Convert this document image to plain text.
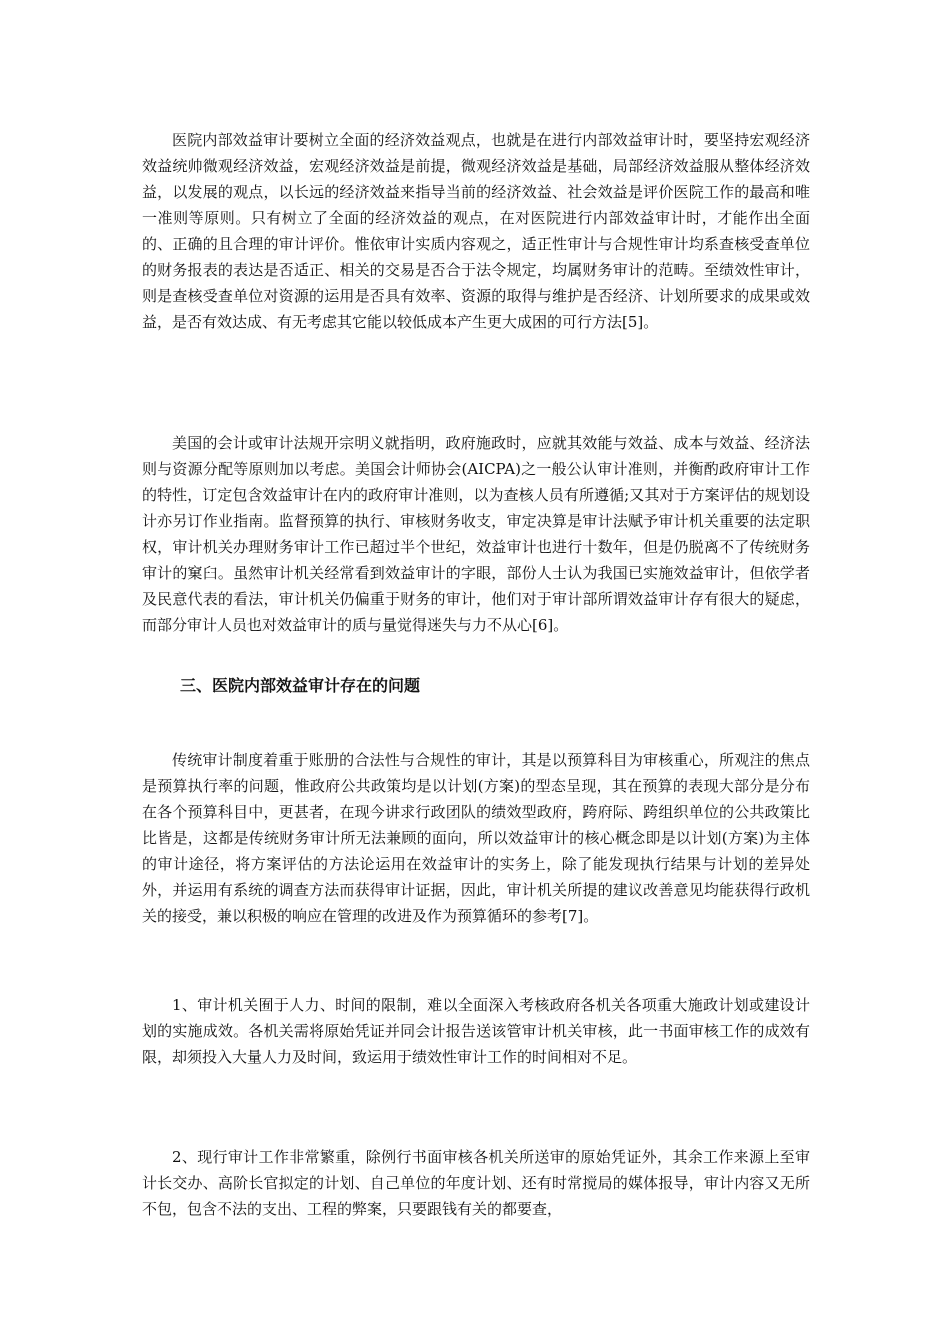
医院内部效益审计要树立全面的经济效益观点，也就是在进行内部效益审计时，要坚持宏观经济效益统帅微观经济效益，宏观经济效益是前提，微观经济效益是基础，局部经济效益服从整体经济效益，以发展的观点，以长远的经济效益来指导当前的经济效益、社会效益是评价医院工作的最高和唯一准则等原则。只有树立了全面的经济效益的观点，在对医院进行内部效益审计时，才能作出全面的、正确的且合理的审计评价。惟依审计实质内容观之，适正性审计与合规性审计均系查核受查单位的财务报表的表达是否适正、相关的交易是否合于法令规定，均属财务审计的范畴。至绩效性审计，则是查核受查单位对资源的运用是否具有效率、资源的取得与维护是否经济、计划所要求的成果或效益，是否有效达成、有无考虑其它能以较低成本产生更大成困的可行方法[5]。

美国的会计或审计法规开宗明义就指明，政府施政时，应就其效能与效益、成本与效益、经济法则与资源分配等原则加以考虑。美国会计师协会(AICPA)之一般公认审计准则，并衡酌政府审计工作的特性，订定包含效益审计在内的政府审计准则，以为查核人员有所遵循;又其对于方案评估的规划设计亦另订作业指南。监督预算的执行、审核财务收支，审定决算是审计法赋予审计机关重要的法定职权，审计机关办理财务审计工作已超过半个世纪，效益审计也进行十数年，但是仍脱离不了传统财务审计的窠臼。虽然审计机关经常看到效益审计的字眼，部份人士认为我国已实施效益审计，但依学者及民意代表的看法，审计机关仍偏重于财务的审计，他们对于审计部所谓效益审计存有很大的疑虑，而部分审计人员也对效益审计的质与量觉得迷失与力不从心[6]。

三、医院内部效益审计存在的问题

传统审计制度着重于账册的合法性与合规性的审计，其是以预算科目为审核重心，所观注的焦点是预算执行率的问题，惟政府公共政策均是以计划(方案)的型态呈现，其在预算的表现大部分是分布在各个预算科目中，更甚者，在现今讲求行政团队的绩效型政府，跨府际、跨组织单位的公共政策比比皆是，这都是传统财务审计所无法兼顾的面向，所以效益审计的核心概念即是以计划(方案)为主体的审计途径，将方案评估的方法论运用在效益审计的实务上，除了能发现执行结果与计划的差异处外，并运用有系统的调查方法而获得审计证据，因此，审计机关所提的建议改善意见均能获得行政机关的接受，兼以积极的响应在管理的改进及作为预算循环的参考[7]。

1、审计机关囿于人力、时间的限制，难以全面深入考核政府各机关各项重大施政计划或建设计划的实施成效。各机关需将原始凭证并同会计报告送该管审计机关审核，此一书面审核工作的成效有限，却须投入大量人力及时间，致运用于绩效性审计工作的时间相对不足。

2、现行审计工作非常繁重，除例行书面审核各机关所送审的原始凭证外，其余工作来源上至审计长交办、高阶长官拟定的计划、自己单位的年度计划、还有时常搅局的媒体报导，审计内容又无所不包，包含不法的支出、工程的弊案，只要跟钱有关的都要查，
